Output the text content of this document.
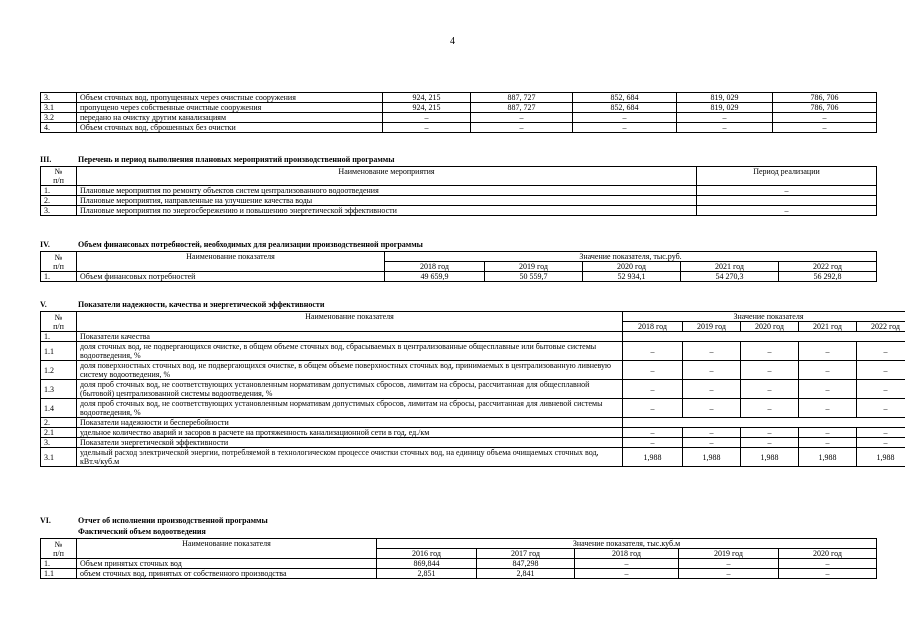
4
3.	Объем сточных вод, пропущенных через очистные сооружения	924, 215	887, 727	852, 684	819, 029	786, 706
3.1	пропущено через собственные очистные сооружения	924, 215	887, 727	852, 684	819, 029	786, 706
3.2	передано на очистку другим канализациям	–	–	–	–	–
4.	Объем сточных вод, сброшенных без очистки	–	–	–	–	–
III.	Перечень и период выполнения плановых мероприятий производственной программы
№
п/п	Наименование мероприятия	Период реализации
1.	Плановые мероприятия по ремонту объектов систем централизованного водоотведения	–
2.	Плановые мероприятия, направленные на улучшение качества воды	
3.	Плановые мероприятия по энергосбережению и повышению энергетической эффективности	–
IV.	Объем финансовых потребностей, необходимых для реализации производственной программы
№
п/п	Наименование показателя	Значение показателя, тыс.руб.				
		2018 год	2019 год	2020 год	2021 год	2022 год
1.	Объем финансовых потребностей	49 659,9	50 559,7	52 934,1	54 270,3	56 292,8
V.	Показатели надежности, качества и энергетической эффективности
№
п/п	Наименование показателя	Значение показателя				
		2018 год	2019 год	2020 год	2021 год	2022 год
1.	Показатели качества					
1.1	доля сточных вод, не подвергающихся очистке, в общем объеме сточных вод, сбрасываемых в централизованные общесплавные или бытовые системы водоотведения, %	–	–	–	–	–
1.2	доля поверхностных сточных вод, не подвергающихся очистке, в общем объеме поверхностных сточных вод, принимаемых в централизованную ливневую систему водоотведения, %	–	–	–	–	–
1.3	доля проб сточных вод, не соответствующих установленным нормативам допустимых сбросов, лимитам на сбросы, рассчитанная для общесплавной (бытовой) централизованной системы водоотведения, %	–	–	–	–	–
1.4	доля проб сточных вод, не соответствующих установленным нормативам допустимых сбросов, лимитам на сбросы, рассчитанная для ливневой системы водоотведения, %	–	–	–	–	–
2.	Показатели надежности и бесперебойности					
2.1	удельное количество аварий и засоров в расчете на протяженность канализационной сети в год, ед./км	–	–	–	–	–
3.	Показатели энергетической эффективности	–	–	–	–	–
3.1	удельный расход электрической энергии, потребляемой в технологическом процессе очистки сточных вод, на единицу объема очищаемых сточных вод, кВт.ч/куб.м	1,988	1,988	1,988	1,988	1,988
VI.	Отчет об исполнении производственной программы
Фактический объем водоотведения
№
п/п	Наименование показателя	Значение показателя, тыс.куб.м				
		2016 год	2017 год	2018 год	2019 год	2020 год
1.	Объем принятых сточных вод	869,844	847,298	–	–	–
1.1	объем сточных вод, принятых от собственного производства	2,851	2,841	–	–	–
